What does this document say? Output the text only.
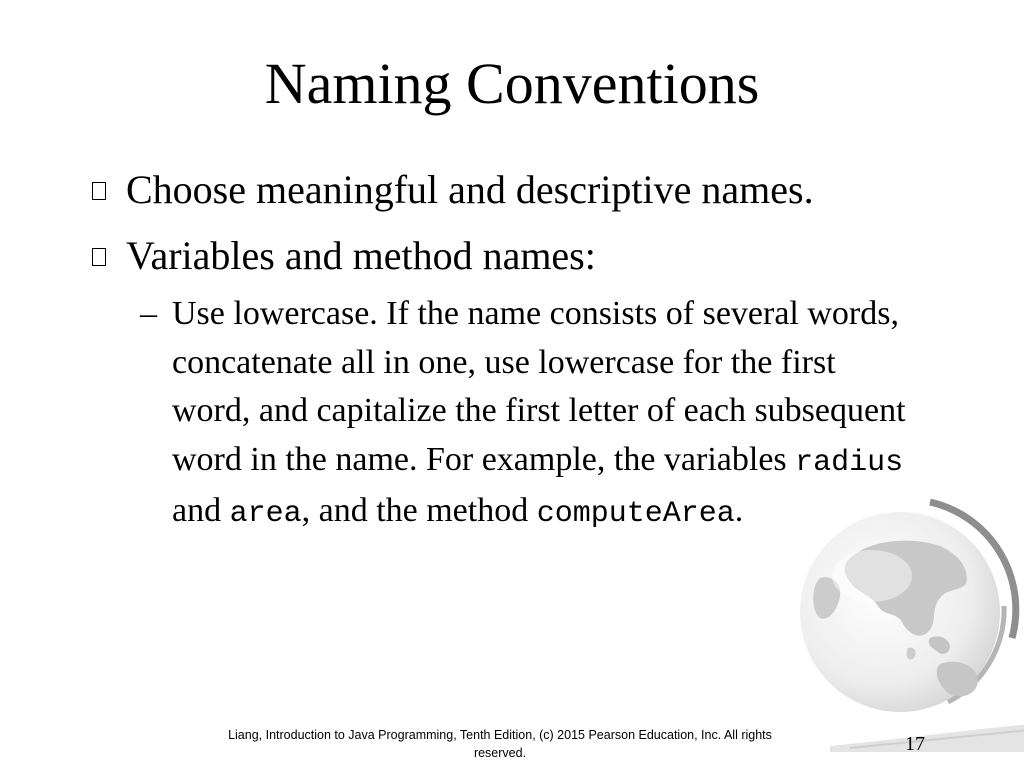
Naming Conventions
Choose meaningful and descriptive names.
Variables and method names:
– Use lowercase. If the name consists of several words, concatenate all in one, use lowercase for the first word, and capitalize the first letter of each subsequent word in the name. For example, the variables radius and area, and the method computeArea.
Liang, Introduction to Java Programming, Tenth Edition, (c) 2015 Pearson Education, Inc. All rights reserved.	17
